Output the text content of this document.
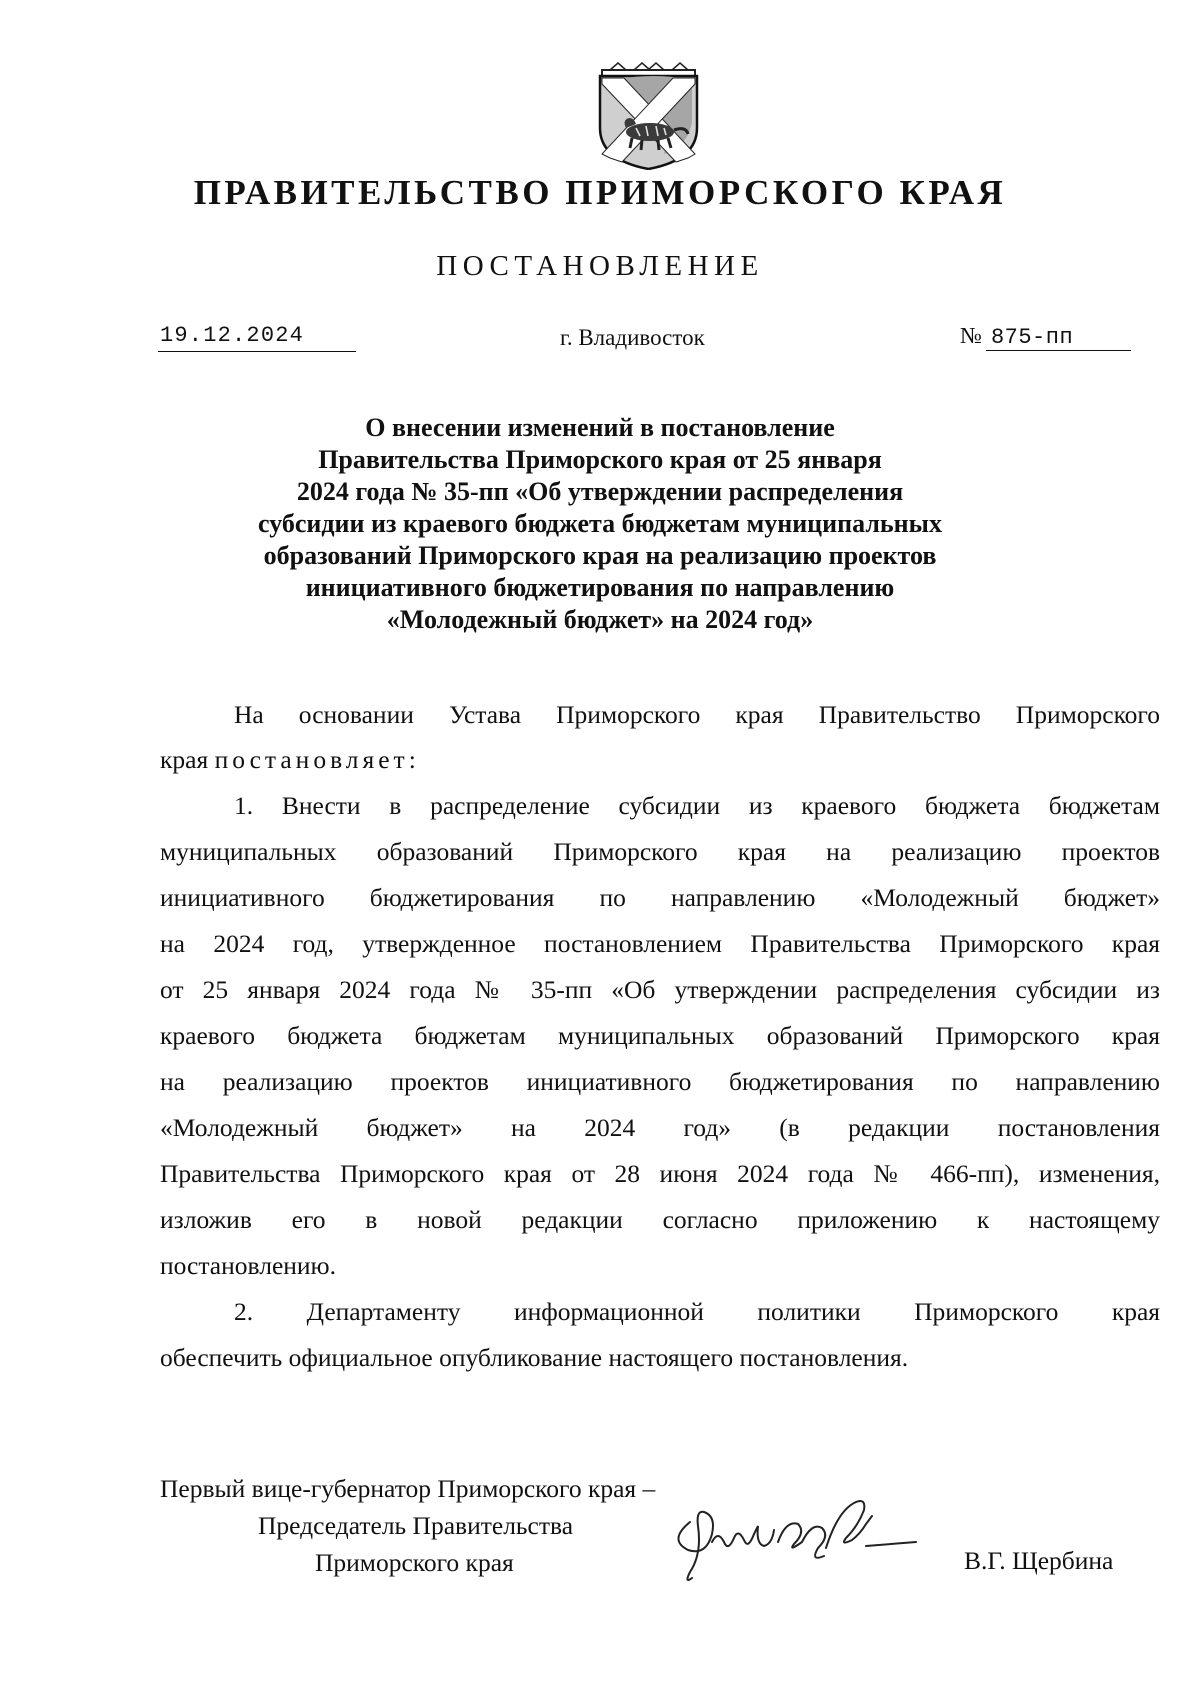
ПРАВИТЕЛЬСТВО ПРИМОРСКОГО КРАЯ
ПОСТАНОВЛЕНИЕ
19.12.2024	г. Владивосток	№ 875-пп
О внесении изменений в постановление
Правительства Приморского края от 25 января
2024 года № 35-пп «Об утверждении распределения
субсидии из краевого бюджета бюджетам муниципальных
образований Приморского края на реализацию проектов
инициативного бюджетирования по направлению
«Молодежный бюджет» на 2024 год»
На основании Устава Приморского края Правительство Приморского
края постановляет:
1. Внести в распределение субсидии из краевого бюджета бюджетам
муниципальных образований Приморского края на реализацию проектов
инициативного бюджетирования по направлению «Молодежный бюджет»
на 2024 год, утвержденное постановлением Правительства Приморского края
от 25 января 2024 года № 35-пп «Об утверждении распределения субсидии из
краевого бюджета бюджетам муниципальных образований Приморского края
на реализацию проектов инициативного бюджетирования по направлению
«Молодежный бюджет» на 2024 год» (в редакции постановления
Правительства Приморского края от 28 июня 2024 года № 466-пп), изменения,
изложив его в новой редакции согласно приложению к настоящему
постановлению.
2. Департаменту информационной политики Приморского края
обеспечить официальное опубликование настоящего постановления.
Первый вице-губернатор Приморского края –
Председатель Правительства
Приморского края	В.Г. Щербина
